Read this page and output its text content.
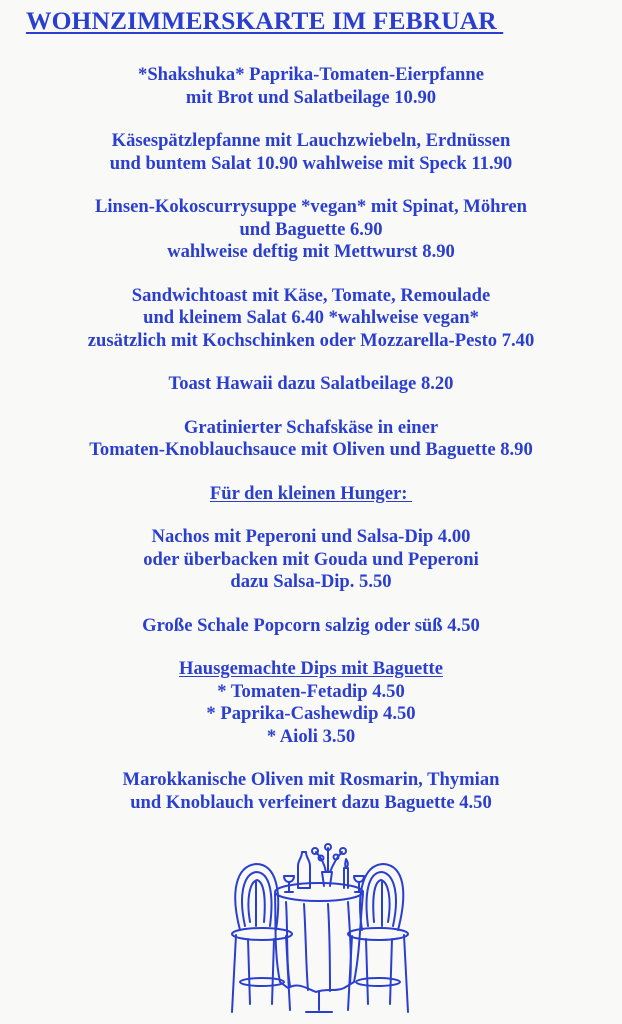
WOHNZIMMERSKARTE IM FEBRUAR
*Shakshuka* Paprika-Tomaten-Eierpfanne
mit Brot und Salatbeilage 10.90
Käsespätzlepfanne mit Lauchzwiebeln, Erdnüssen
und buntem Salat 10.90 wahlweise mit Speck 11.90
Linsen-Kokoscurrysuppe *vegan* mit Spinat, Möhren
und Baguette 6.90
wahlweise deftig mit Mettwurst 8.90
Sandwichtoast mit Käse, Tomate, Remoulade
und kleinem Salat 6.40 *wahlweise vegan*
zusätzlich mit Kochschinken oder Mozzarella-Pesto 7.40
Toast Hawaii dazu Salatbeilage 8.20
Gratinierter Schafskäse in einer
Tomaten-Knoblauchsauce mit Oliven und Baguette 8.90
Für den kleinen Hunger:
Nachos mit Peperoni und Salsa-Dip 4.00
oder überbacken mit Gouda und Peperoni
dazu Salsa-Dip. 5.50
Große Schale Popcorn salzig oder süß 4.50
Hausgemachte Dips mit Baguette
* Tomaten-Fetadip 4.50
* Paprika-Cashewdip 4.50
* Aioli 3.50
Marokkanische Oliven mit Rosmarin, Thymian
und Knoblauch verfeinert dazu Baguette 4.50
